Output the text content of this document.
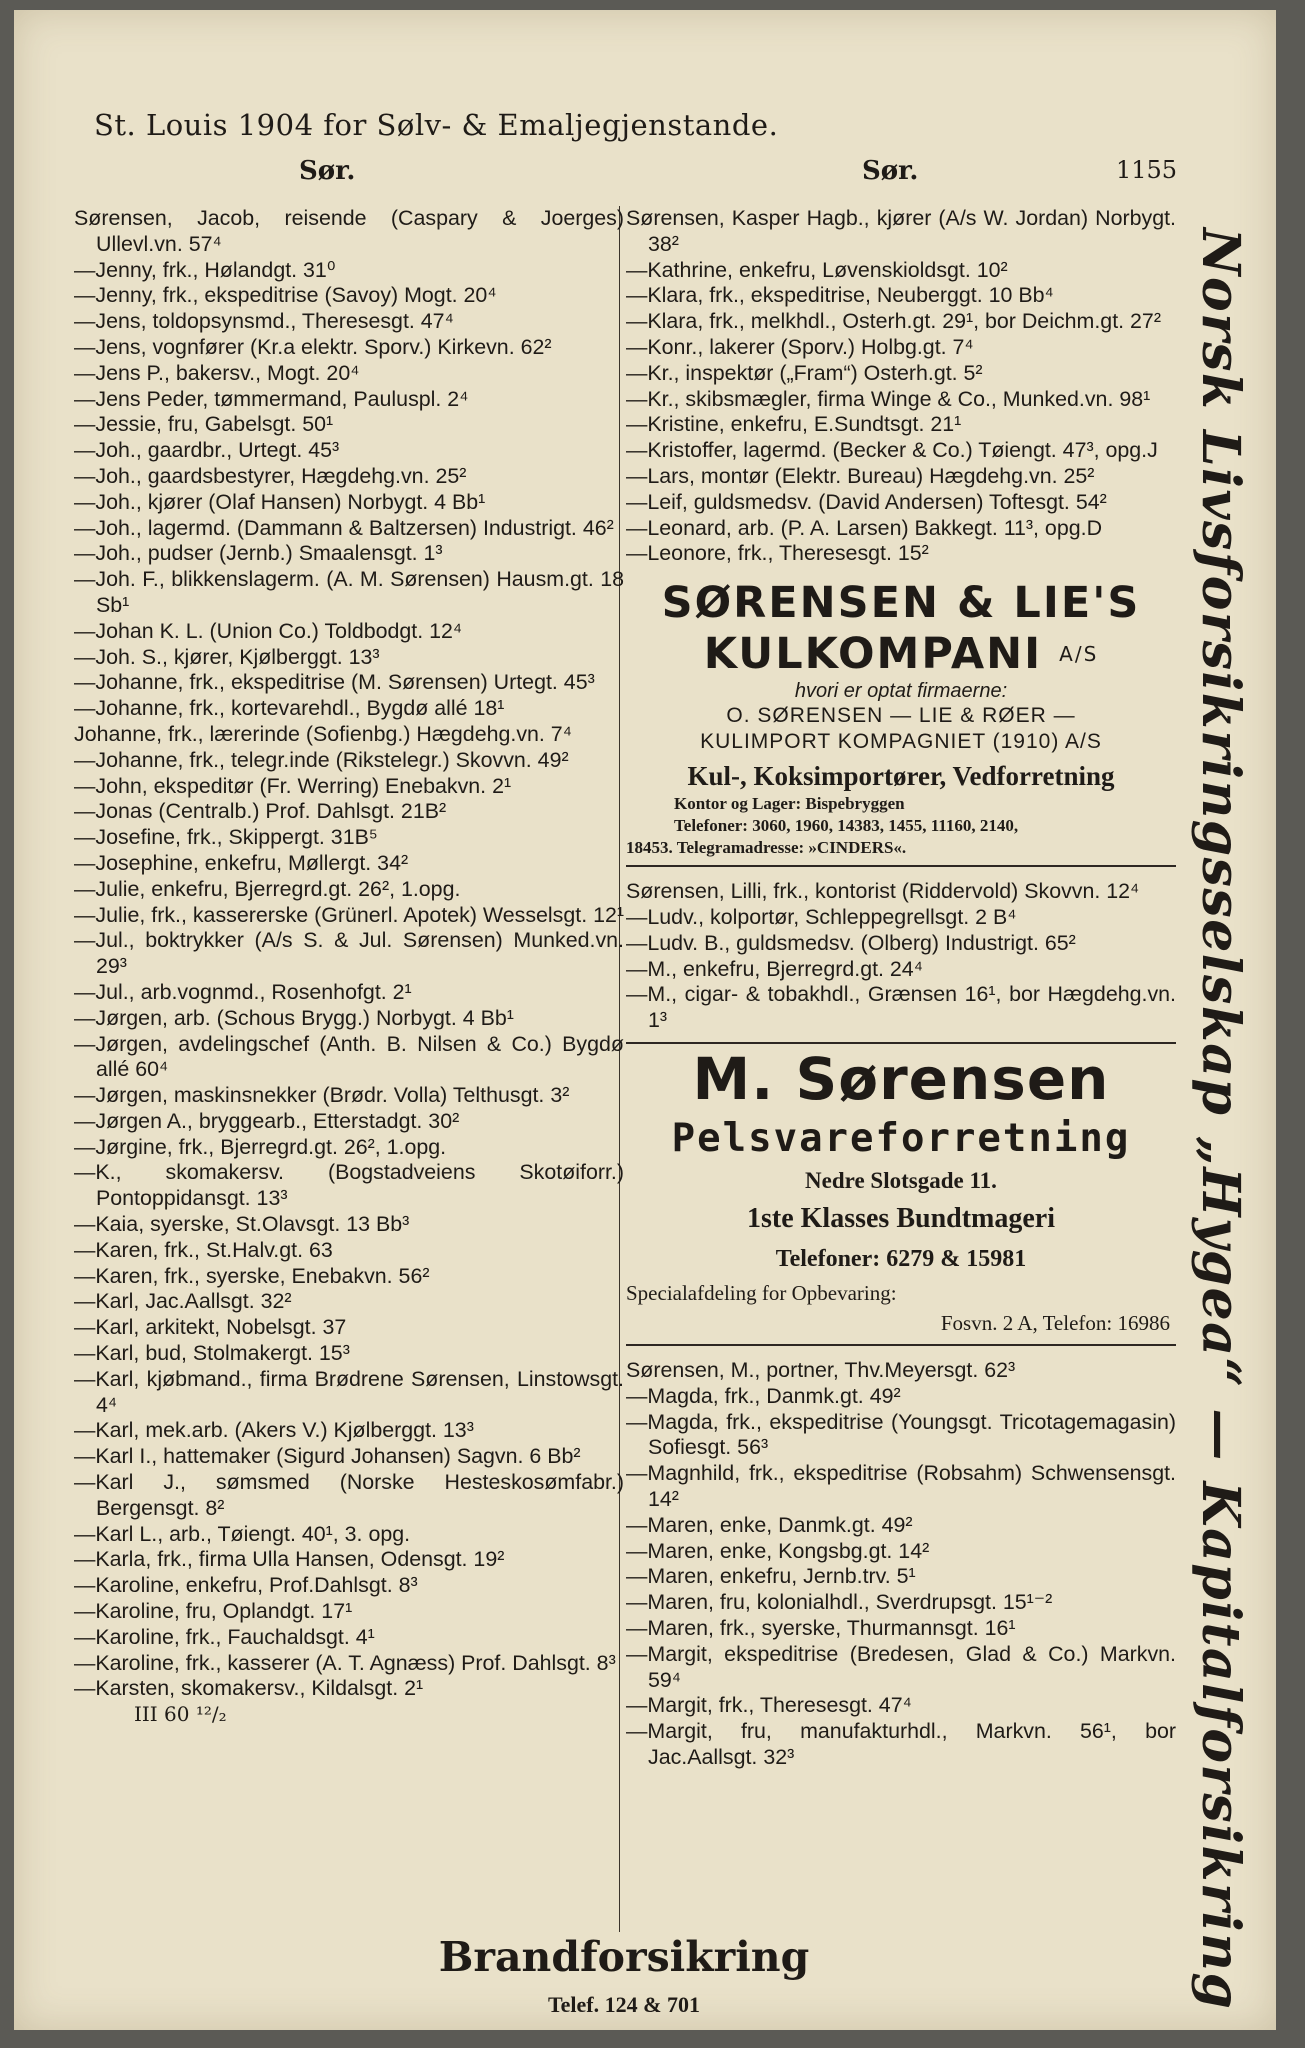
St. Louis 1904 for Sølv- & Emaljegjenstande.
Sør.	Sør.	1155

Sørensen, Jacob, reisende (Caspary & Joerges) Ullevl.vn. 57⁴

—Jenny, frk., Hølandgt. 31⁰

—Jenny, frk., ekspeditrise (Savoy) Mogt. 20⁴

—Jens, toldopsynsmd., Theresesgt. 47⁴

—Jens, vognfører (Kr.a elektr. Sporv.) Kirkevn. 62²

—Jens P., bakersv., Mogt. 20⁴

—Jens Peder, tømmermand, Pauluspl. 2⁴

—Jessie, fru, Gabelsgt. 50¹

—Joh., gaardbr., Urtegt. 45³

—Joh., gaardsbestyrer, Hægdehg.vn. 25²

—Joh., kjører (Olaf Hansen) Norbygt. 4 Bb¹

—Joh., lagermd. (Dammann & Baltzersen) Industrigt. 46²

—Joh., pudser (Jernb.) Smaalensgt. 1³

—Joh. F., blikkenslagerm. (A. M. Sørensen) Hausm.gt. 18 Sb¹

—Johan K. L. (Union Co.) Toldbodgt. 12⁴

—Joh. S., kjører, Kjølberggt. 13³

—Johanne, frk., ekspeditrise (M. Sørensen) Urtegt. 45³

—Johanne, frk., kortevarehdl., Bygdø allé 18¹

Johanne, frk., lærerinde (Sofienbg.) Hægdehg.vn. 7⁴

—Johanne, frk., telegr.inde (Rikstelegr.) Skovvn. 49²

—John, ekspeditør (Fr. Werring) Enebakvn. 2¹

—Jonas (Centralb.) Prof. Dahlsgt. 21B²

—Josefine, frk., Skippergt. 31B⁵

—Josephine, enkefru, Møllergt. 34²

—Julie, enkefru, Bjerregrd.gt. 26², 1.opg.

—Julie, frk., kassererske (Grünerl. Apotek) Wesselsgt. 12¹

—Jul., boktrykker (A/s S. & Jul. Sørensen) Munked.vn. 29³

—Jul., arb.vognmd., Rosenhofgt. 2¹

—Jørgen, arb. (Schous Brygg.) Norbygt. 4 Bb¹

—Jørgen, avdelingschef (Anth. B. Nilsen & Co.) Bygdø allé 60⁴

—Jørgen, maskinsnekker (Brødr. Volla) Telthusgt. 3²

—Jørgen A., bryggearb., Etterstadgt. 30²

—Jørgine, frk., Bjerregrd.gt. 26², 1.opg.

—K., skomakersv. (Bogstadveiens Skotøiforr.) Pontoppidansgt. 13³

—Kaia, syerske, St.Olavsgt. 13 Bb³

—Karen, frk., St.Halv.gt. 63

—Karen, frk., syerske, Enebakvn. 56²

—Karl, Jac.Aallsgt. 32²

—Karl, arkitekt, Nobelsgt. 37

—Karl, bud, Stolmakergt. 15³

—Karl, kjøbmand., firma Brødrene Sørensen, Linstowsgt. 4⁴

—Karl, mek.arb. (Akers V.) Kjølberggt. 13³

—Karl I., hattemaker (Sigurd Johansen) Sagvn. 6 Bb²

—Karl J., sømsmed (Norske Hesteskosømfabr.) Bergensgt. 8²

—Karl L., arb., Tøiengt. 40¹, 3. opg.

—Karla, frk., firma Ulla Hansen, Odensgt. 19²

—Karoline, enkefru, Prof.Dahlsgt. 8³

—Karoline, fru, Oplandgt. 17¹

—Karoline, frk., Fauchaldsgt. 4¹

—Karoline, frk., kasserer (A. T. Agnæss) Prof. Dahlsgt. 8³

—Karsten, skomakersv., Kildalsgt. 2¹

III 60 ¹²/₂

Sørensen, Kasper Hagb., kjører (A/s W. Jordan) Norbygt. 38²

—Kathrine, enkefru, Løvenskioldsgt. 10²

—Klara, frk., ekspeditrise, Neuberggt. 10 Bb⁴

—Klara, frk., melkhdl., Osterh.gt. 29¹, bor Deichm.gt. 27²

—Konr., lakerer (Sporv.) Holbg.gt. 7⁴

—Kr., inspektør („Fram“) Osterh.gt. 5²

—Kr., skibsmægler, firma Winge & Co., Munked.vn. 98¹

—Kristine, enkefru, E.Sundtsgt. 21¹

—Kristoffer, lagermd. (Becker & Co.) Tøiengt. 47³, opg.J

—Lars, montør (Elektr. Bureau) Hægdehg.vn. 25²

—Leif, guldsmedsv. (David Andersen) Toftesgt. 54²

—Leonard, arb. (P. A. Larsen) Bakkegt. 11³, opg.D

—Leonore, frk., Theresesgt. 15²

SØRENSEN & LIE'S
KULKOMPANI $^{A/S}$
hvori er optat firmaerne:
O. SØRENSEN — LIE & RØER —
KULIMPORT KOMPAGNIET (1910) A/S
Kul-, Koksimportører, Vedforretning
Kontor og Lager: Bispebryggen
Telefoner: 3060, 1960, 14383, 1455, 11160, 2140,
18453. Telegramadresse: »CINDERS«.

Sørensen, Lilli, frk., kontorist (Riddervold) Skovvn. 12⁴

—Ludv., kolportør, Schleppegrellsgt. 2 B⁴

—Ludv. B., guldsmedsv. (Olberg) Industrigt. 65²

—M., enkefru, Bjerregrd.gt. 24⁴

—M., cigar- & tobakhdl., Grænsen 16¹, bor Hægdehg.vn. 1³

M. Sørensen
Pelsvareforretning
Nedre Slotsgade 11.
1ste Klasses Bundtmageri
Telefoner: 6279 & 15981
Specialafdeling for Opbevaring:
Fosvn. 2 A, Telefon: 16986

Sørensen, M., portner, Thv.Meyersgt. 62³

—Magda, frk., Danmk.gt. 49²

—Magda, frk., ekspeditrise (Youngsgt. Tricotagemagasin) Sofiesgt. 56³

—Magnhild, frk., ekspeditrise (Robsahm) Schwensensgt. 14²

—Maren, enke, Danmk.gt. 49²

—Maren, enke, Kongsbg.gt. 14²

—Maren, enkefru, Jernb.trv. 5¹

—Maren, fru, kolonialhdl., Sverdrupsgt. 15¹⁻²

—Maren, frk., syerske, Thurmannsgt. 16¹

—Margit, ekspeditrise (Bredesen, Glad & Co.) Markvn. 59⁴

—Margit, frk., Theresesgt. 47⁴

—Margit, fru, manufakturhdl., Markvn. 56¹, bor Jac.Aallsgt. 32³	Norsk Livsforsikringsselskap „Hygea“ — Kapitalforsikring
Brandforsikring
Telef. 124 & 701
